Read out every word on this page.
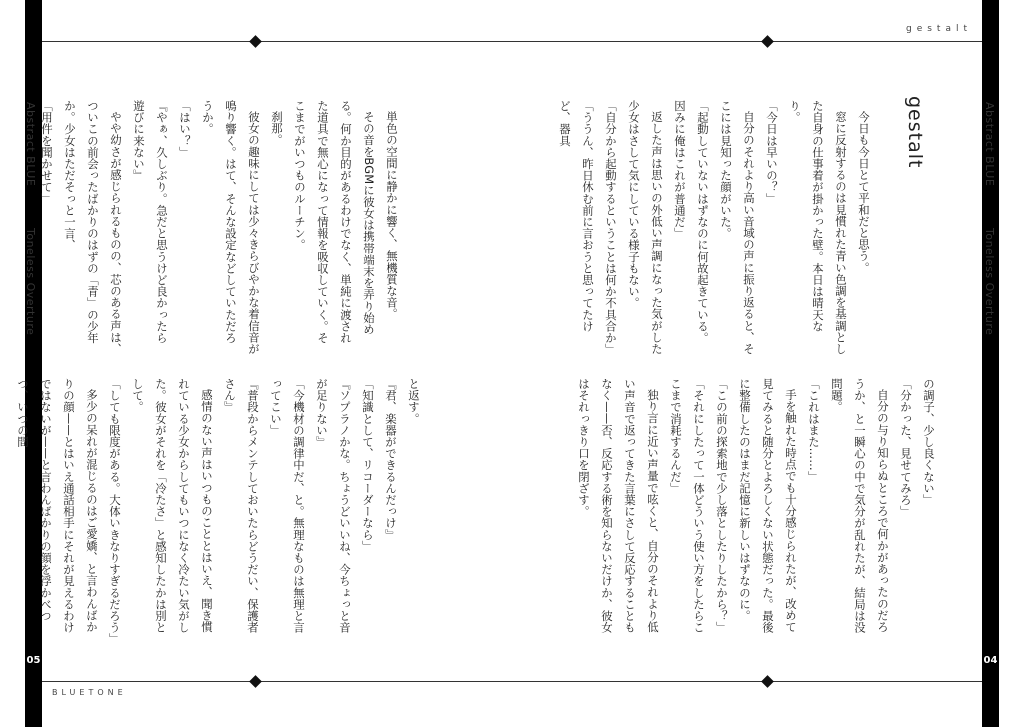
05	04
gestalt
BLUETONE
Abstract BLUE
Toneless Overture
Abstract BLUE
Toneless Overture
gestalt

今日も今日とて平和だと思う。

窓に反射するのは見慣れた青い色調を基調とした自身の仕事着が掛かった壁。本日は晴天なり。

「今日は早いの？」

自分のそれより高い音域の声に振り返ると、そこには見知った顔がいた。

「起動していないはずなのに何故起きている。因みに俺はこれが普通だ」

返した声は思いの外低い声調になった気がした少女はさして気にしている様子もない。

「自分から起動するということは何か不具合か」

「ううん、昨日休む前に言おうと思ってたけど、器具

の調子、少し良くない」

「分かった、見せてみろ」

自分の与り知らぬところで何かがあったのだろうか、と一瞬心の中で気分が乱れたが、結局は没問題。

「これはまた……」

手を触れた時点でも十分感じられたが、改めて見てみると随分とよろしくない状態だった。最後に整備したのはまだ記憶に新しいはずなのに。

「この前の探索地で少し落としたりしたから？」

「それにしたって一体どういう使い方をしたらここまで消耗するんだ」

独り言に近い声量で呟くと、自分のそれより低い声音で返ってきた言葉にさして反応することもなく——否、反応する術を知らないだけか、彼女はそれっきり口を閉ざす。

単色の空間に静かに響く、無機質な音。

その音をBGMに彼女は携帯端末を弄り始める。何か目的があるわけでなく、単純に渡された道具で無心になって情報を吸収していく。そこまでがいつものルーチン。

刹那。

彼女の趣味にしては少々きらびやかな着信音が鳴り響く。はて、そんな設定などしていただろうか。

「はい？」

『やぁ、久しぶり。急だと思うけど良かったら遊びに来ない』

やや幼さが感じられるものの、芯のある声は、ついこの前会ったばかりのはずの「青」の少年か。少女はただそっと一言、

「用件を聞かせて」

と返す。

『君、楽器ができるんだっけ』

「知識として、リコーダーなら」

『ソプラノかな。ちょうどいいね、今ちょっと音が足りない』

「今機材の調律中だ、と。無理なものは無理と言ってこい」

『普段からメンテしておいたらどうだい、保護者さん』

感情のない声はいつものこととはいえ、聞き慣れている少女からしてもいつになく冷たい気がした。彼女がそれを「冷たさ」と感知したかは別として。

「しても限度がある。大体いきなりすぎるだろう」

多少の呆れが混じるのはご愛嬌、と言わんばかりの顔——とはいえ通話相手にそれが見えるわけではないが——と言わんばかりの顔を浮かべつつ、いつの間
